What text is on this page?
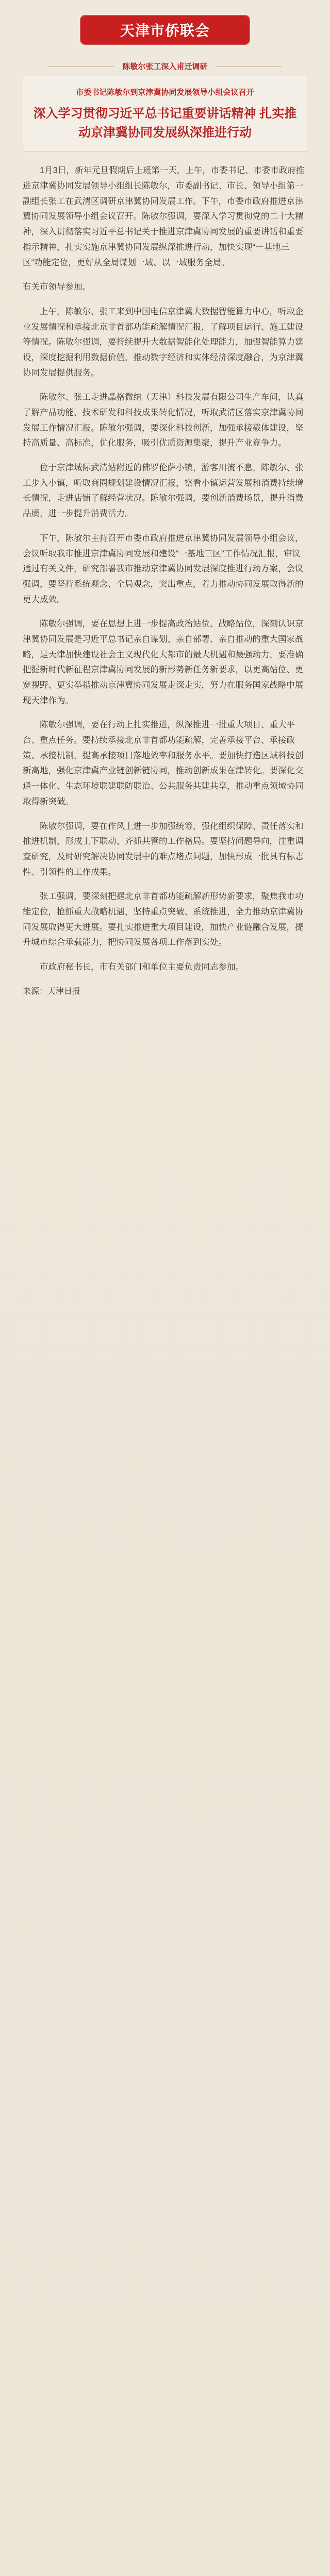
天津市侨联会
陈敏尔张工深入甫迁调研
市委书记陈敏尔到京津冀协同发展领导小组会议召开
深入学习贯彻习近平总书记重要讲话精神 扎实推动京津冀协同发展纵深推进行动

1月3日，新年元旦假期后上班第一天，上午，市委书记、市委市政府推进京津冀协同发展领导小组组长陈敏尔，市委副书记、市长、领导小组第一副组长张工在武清区调研京津冀协同发展工作。下午，市委市政府推进京津冀协同发展领导小组会议召开。陈敏尔强调，要深入学习贯彻党的二十大精神，深入贯彻落实习近平总书记关于推进京津冀协同发展的重要讲话和重要指示精神，扎实实施京津冀协同发展纵深推进行动，加快实现“一基地三区”功能定位，更好从全局谋划一域、以一域服务全局。

有关市领导参加。

上午，陈敏尔、张工来到中国电信京津冀大数据智能算力中心，听取企业发展情况和承接北京非首都功能疏解情况汇报，了解项目运行、施工建设等情况。陈敏尔强调，要持续提升大数据智能化处理能力，加强智能算力建设，深度挖掘利用数据价值，推动数字经济和实体经济深度融合，为京津冀协同发展提供服务。

陈敏尔、张工走进晶格微纳（天津）科技发展有限公司生产车间，认真了解产品功能、技术研发和科技成果转化情况，听取武清区落实京津冀协同发展工作情况汇报。陈敏尔强调，要深化科技创新，加强承接载体建设，坚持高质量、高标准，优化服务，吸引优质资源集聚，提升产业竞争力。

位于京津城际武清站附近的佛罗伦萨小镇，游客川流不息。陈敏尔、张工步入小镇，听取商圈规划建设情况汇报，察看小镇运营发展和消费持续增长情况，走进店铺了解经营状况。陈敏尔强调，要创新消费场景，提升消费品质，进一步提升消费活力。

下午，陈敏尔主持召开市委市政府推进京津冀协同发展领导小组会议，会议听取我市推进京津冀协同发展和建设“一基地三区”工作情况汇报，审议通过有关文件，研究部署我市推动京津冀协同发展深度推进行动方案，会议强调，要坚持系统观念、全局观念，突出重点，着力推动协同发展取得新的更大成效。

陈敏尔强调，要在思想上进一步提高政治站位、战略站位，深刻认识京津冀协同发展是习近平总书记亲自谋划、亲自部署、亲自推动的重大国家战略，是天津加快建设社会主义现代化大都市的最大机遇和最强动力。要准确把握新时代新征程京津冀协同发展的新形势新任务新要求，以更高站位、更宽视野、更实举措推动京津冀协同发展走深走实，努力在服务国家战略中展现天津作为。

陈敏尔强调，要在行动上扎实推进，纵深推进一批重大项目、重大平台、重点任务。要持续承接北京非首都功能疏解，完善承接平台、承接政策、承接机制，提高承接项目落地效率和服务水平。要加快打造区域科技创新高地，强化京津冀产业链创新链协同，推动创新成果在津转化。要深化交通一体化、生态环境联建联防联治、公共服务共建共享，推动重点领域协同取得新突破。

陈敏尔强调，要在作风上进一步加强统筹，强化组织保障、责任落实和推进机制，形成上下联动、齐抓共管的工作格局。要坚持问题导向，注重调查研究，及时研究解决协同发展中的难点堵点问题，加快形成一批具有标志性、引领性的工作成果。

张工强调，要深刻把握北京非首都功能疏解新形势新要求，聚焦我市功能定位，抢抓重大战略机遇，坚持重点突破、系统推进，全力推动京津冀协同发展取得更大进展。要扎实推进重大项目建设，加快产业链融合发展，提升城市综合承载能力，把协同发展各项工作落到实处。

市政府秘书长，市有关部门和单位主要负责同志参加。

来源：天津日报
